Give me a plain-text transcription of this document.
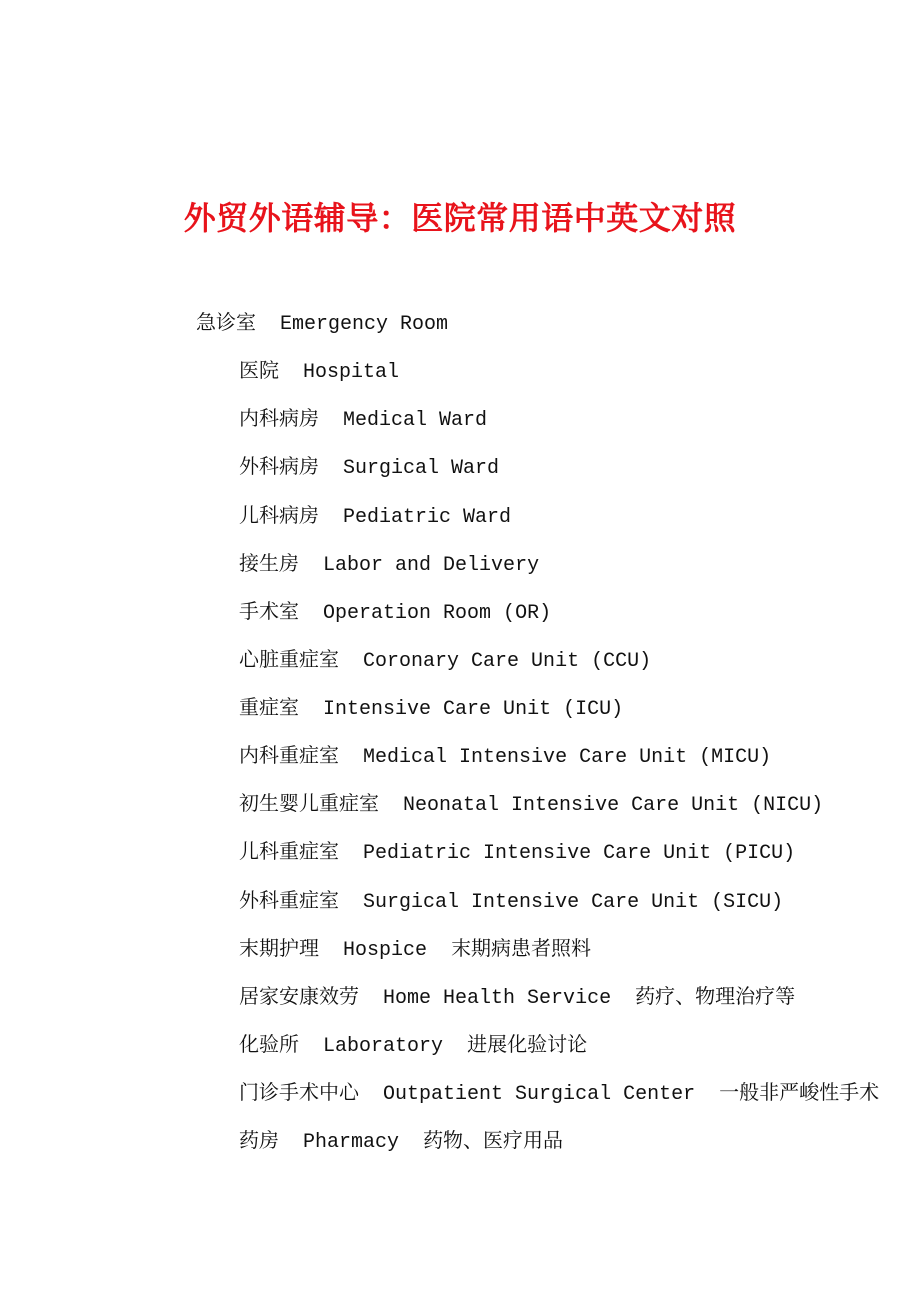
外贸外语辅导：医院常用语中英文对照

急诊室 Emergency Room

医院 Hospital

内科病房 Medical Ward

外科病房 Surgical Ward

儿科病房 Pediatric Ward

接生房 Labor and Delivery

手术室 Operation Room (OR)

心脏重症室 Coronary Care Unit (CCU)

重症室 Intensive Care Unit (ICU)

内科重症室 Medical Intensive Care Unit (MICU)

初生婴儿重症室 Neonatal Intensive Care Unit (NICU)

儿科重症室 Pediatric Intensive Care Unit (PICU)

外科重症室 Surgical Intensive Care Unit (SICU)

末期护理 Hospice 末期病患者照料

居家安康效劳 Home Health Service 药疗、物理治疗等

化验所 Laboratory 进展化验讨论

门诊手术中心 Outpatient Surgical Center 一般非严峻性手术

药房 Pharmacy 药物、医疗用品
